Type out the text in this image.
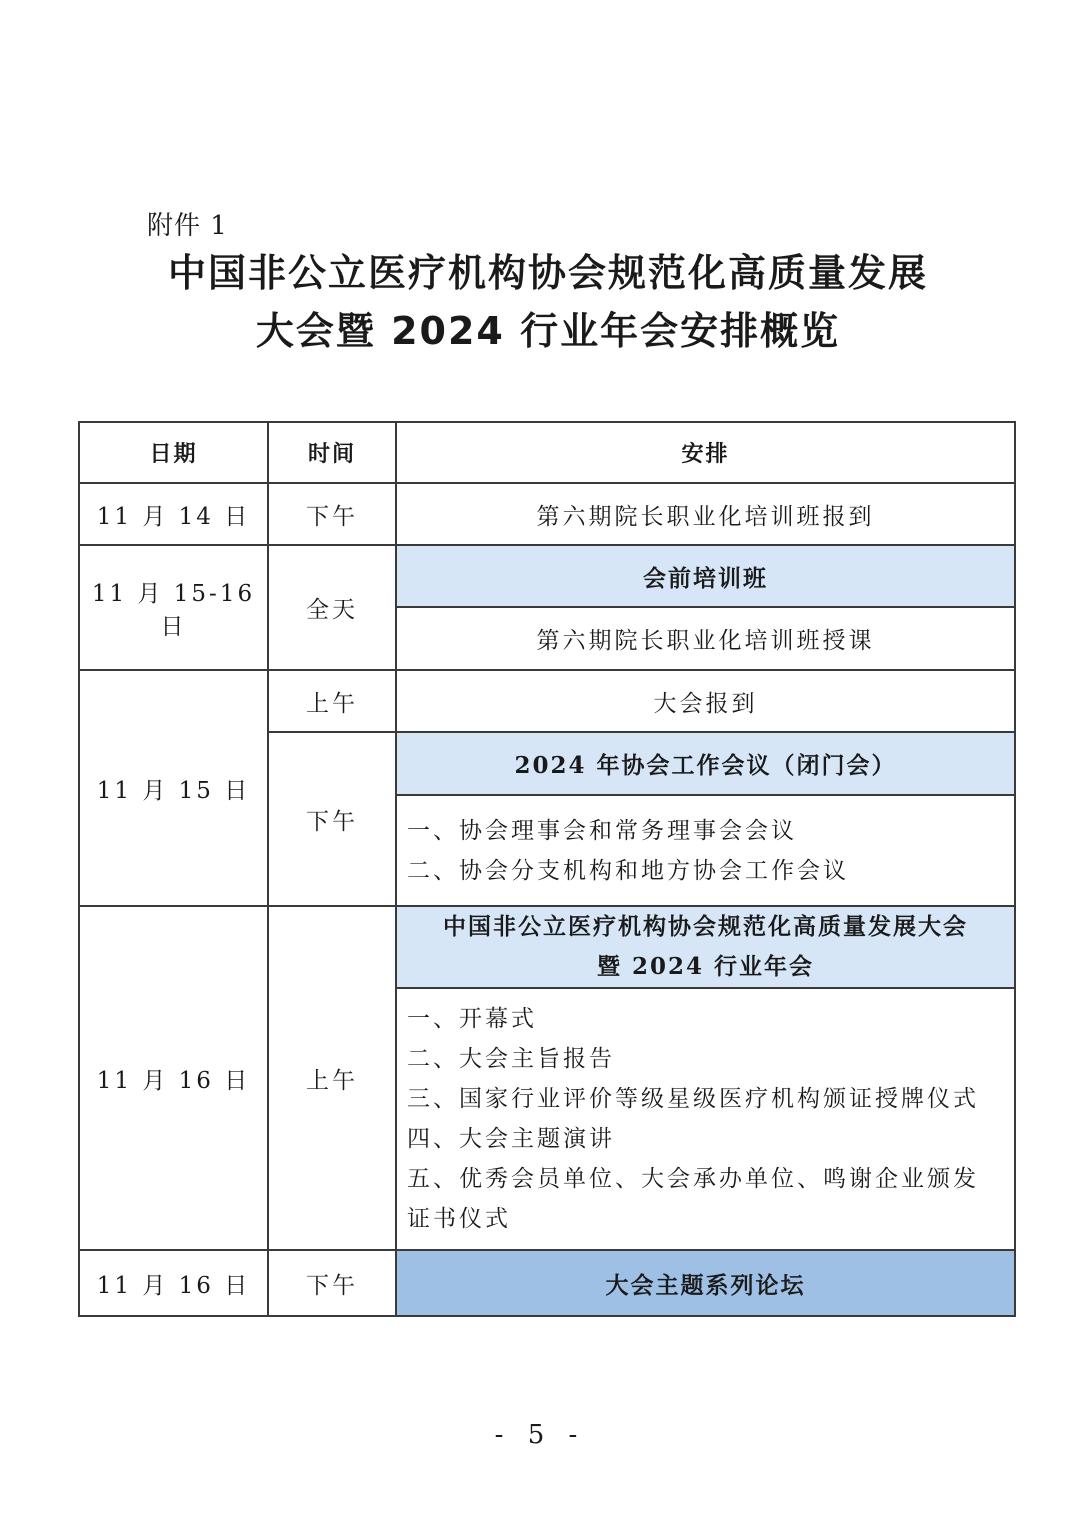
附件 1
中国非公立医疗机构协会规范化高质量发展
大会暨 2024 行业年会安排概览
日期	时间	安排
11 月 14 日	下午	第六期院长职业化培训班报到
11 月 15-16 日	全天	会前培训班
		第六期院长职业化培训班授课
11 月 15 日	上午	大会报到
	下午	2024 年协会工作会议（闭门会）

		一、协会理事会和常务理事会会议
二、协会分支机构和地方协会工作会议

11 月 16 日	上午	中国非公立医疗机构协会规范化高质量发展大会
暨 2024 行业年会

		一、开幕式
二、大会主旨报告
三、国家行业评价等级星级医疗机构颁证授牌仪式
四、大会主题演讲
五、优秀会员单位、大会承办单位、鸣谢企业颁发证书仪式

11 月 16 日	下午	大会主题系列论坛
- 5 -
